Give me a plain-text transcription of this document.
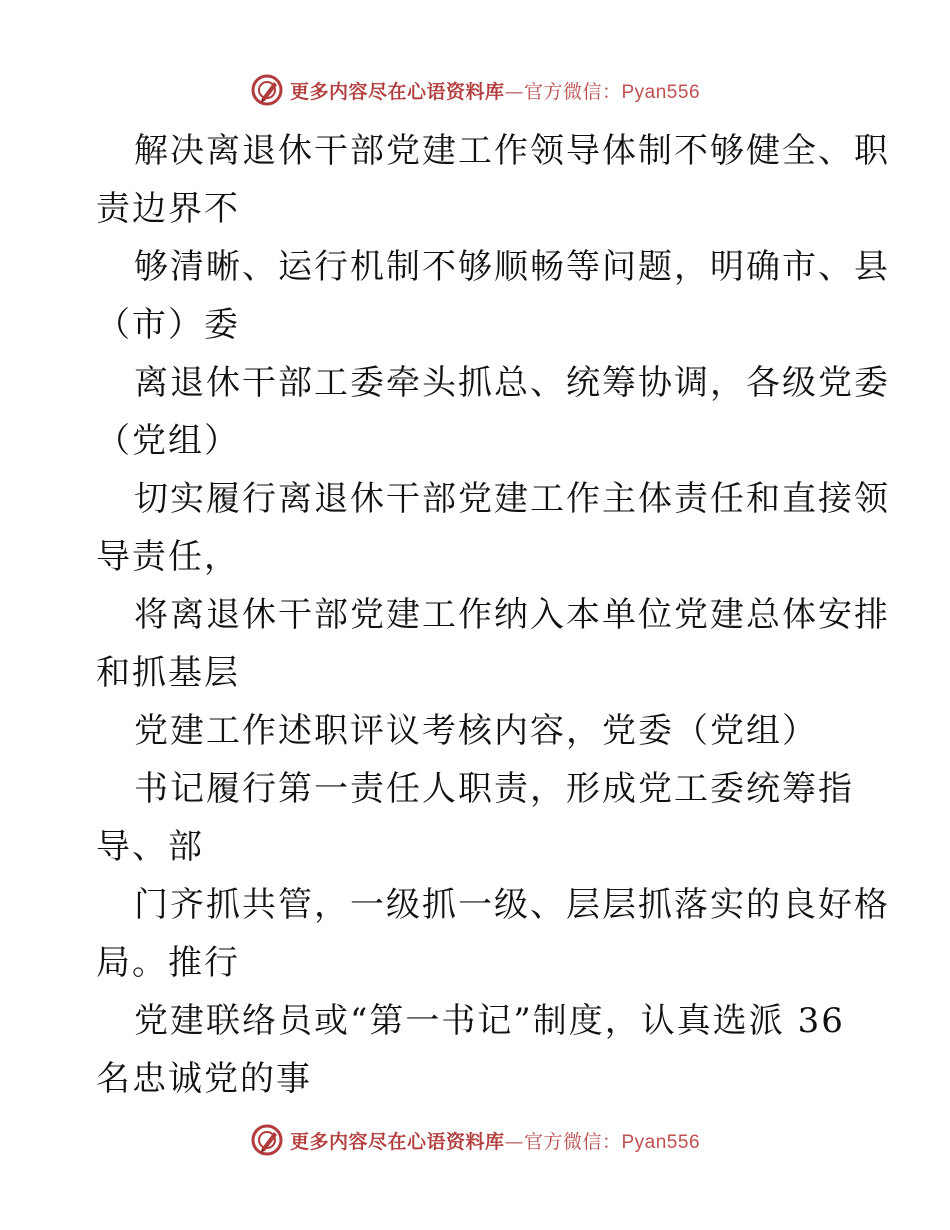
更多内容尽在心语资料库—官方微信：Pyan556
解决离退休干部党建工作领导体制不够健全、职
责边界不
够清晰、运行机制不够顺畅等问题，明确市、县
（市）委
离退休干部工委牵头抓总、统筹协调，各级党委
（党组）
切实履行离退休干部党建工作主体责任和直接领
导责任，
将离退休干部党建工作纳入本单位党建总体安排
和抓基层
党建工作述职评议考核内容，党委（党组）
书记履行第一责任人职责，形成党工委统筹指
导、部
门齐抓共管，一级抓一级、层层抓落实的良好格
局。推行
党建联络员或“第一书记”制度，认真选派 36
名忠诚党的事
更多内容尽在心语资料库—官方微信：Pyan556
